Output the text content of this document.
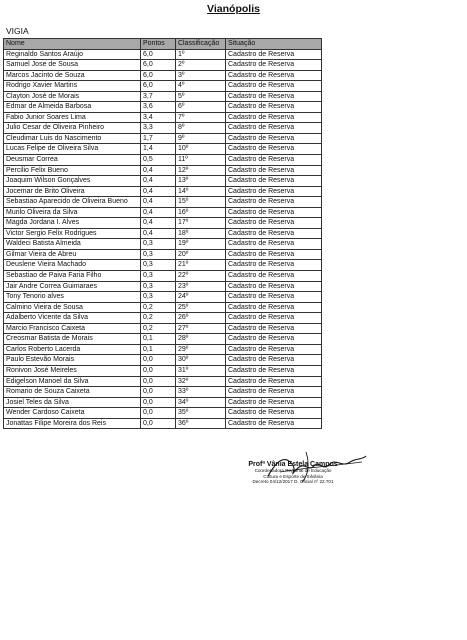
Vianópolis
VIGIA
Nome	Pontos	Classificação	Situação
Reginaldo Santos Araújo	6,0	1º	Cadastro de Reserva
Samuel Jose de Sousa	6,0	2º	Cadastro de Reserva
Marcos Jacinto de Souza	6,0	3º	Cadastro de Reserva
Rodrigo Xavier Martins	6,0	4º	Cadastro de Reserva
Clayton José de Morais	3,7	5º	Cadastro de Reserva
Edmar de Almeida Barbosa	3,6	6º	Cadastro de Reserva
Fabio Junior Soares Lima	3,4	7º	Cadastro de Reserva
Julio Cesar de Oliveira Pinheiro	3,3	8º	Cadastro de Reserva
Cleudimar Luis do Nascimento	1,7	9º	Cadastro de Reserva
Lucas Felipe de Oliveira Silva	1,4	10º	Cadastro de Reserva
Deusmar Correa	0,5	11º	Cadastro de Reserva
Percilio Felix Bueno	0,4	12º	Cadastro de Reserva
Joaquim Wilson Gonçalves	0,4	13º	Cadastro de Reserva
Jocemar de Brito Oliveira	0,4	14º	Cadastro de Reserva
Sebastiao Aparecido de Oliveira Bueno	0,4	15º	Cadastro de Reserva
Murilo Oliveira da Silva	0,4	16º	Cadastro de Reserva
Magda Jordana I. Alves	0,4	17º	Cadastro de Reserva
Victor Sergio Felix Rodrigues	0,4	18º	Cadastro de Reserva
Waldeci Batista Almeida	0,3	19º	Cadastro de Reserva
Gilmar Vieira de Abreu	0,3	20º	Cadastro de Reserva
Deuslene Vieira Machado	0,3	21º	Cadastro de Reserva
Sebastiao de Paiva Faria Filho	0,3	22º	Cadastro de Reserva
Jair Andre Correa Guimaraes	0,3	23º	Cadastro de Reserva
Tony Tenorio alves	0,3	24º	Cadastro de Reserva
Calmino Vieira de Sousa	0,2	25º	Cadastro de Reserva
Adalberto Vicente da Silva	0,2	26º	Cadastro de Reserva
Marcio Francisco Caixeta	0,2	27º	Cadastro de Reserva
Creosmar Batista de Morais	0,1	28º	Cadastro de Reserva
Carlos Roberto Lacerda	0,1	29º	Cadastro de Reserva
Paulo Estevão Morais	0,0	30º	Cadastro de Reserva
Ronivon José Meireles	0,0	31º	Cadastro de Reserva
Edigelson Manoel da Silva	0,0	32º	Cadastro de Reserva
Romario de Souza Caixeta	0,0	33º	Cadastro de Reserva
Josiel Teles da Silva	0,0	34º	Cadastro de Reserva
Wender Cardoso Caixeta	0,0	35º	Cadastro de Reserva
Jonattas Filipe Moreira dos Reis	0,0	36º	Cadastro de Reserva
Profª Vânia Estela Campos
Coordenadora Regional de Educação
Cultura e Esporte de Silvânia
Decreto 04/12/2017 D. Oficial nº 22.701
